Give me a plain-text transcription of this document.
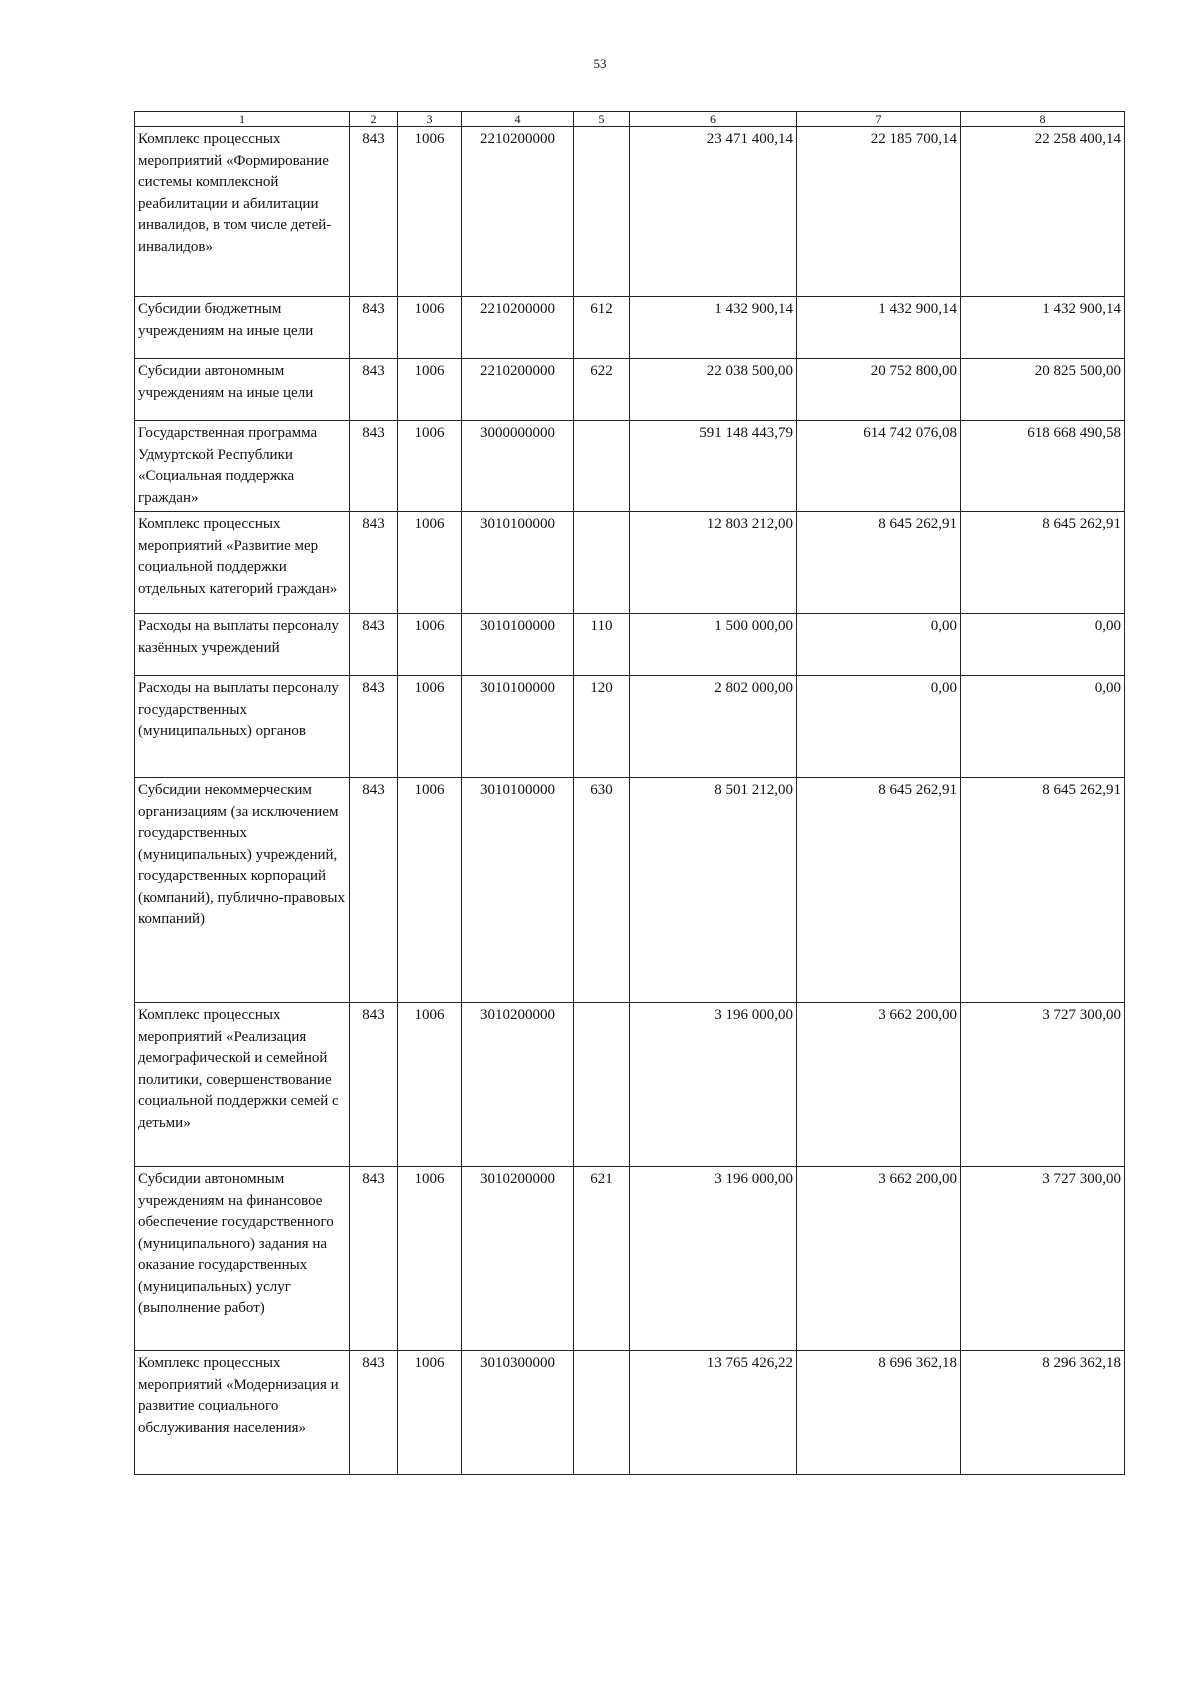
53
1	2	3	4	5	6	7	8
Комплекс процессных мероприятий «Формирование системы комплексной реабилитации и абилитации инвалидов, в том числе детей-инвалидов»	843	1006	2210200000		23 471 400,14	22 185 700,14	22 258 400,14
Субсидии бюджетным учреждениям на иные цели	843	1006	2210200000	612	1 432 900,14	1 432 900,14	1 432 900,14
Субсидии автономным учреждениям на иные цели	843	1006	2210200000	622	22 038 500,00	20 752 800,00	20 825 500,00
Государственная программа Удмуртской Республики «Социальная поддержка граждан»	843	1006	3000000000		591 148 443,79	614 742 076,08	618 668 490,58
Комплекс процессных мероприятий «Развитие мер социальной поддержки отдельных категорий граждан»	843	1006	3010100000		12 803 212,00	8 645 262,91	8 645 262,91
Расходы на выплаты персоналу казённых учреждений	843	1006	3010100000	110	1 500 000,00	0,00	0,00
Расходы на выплаты персоналу государственных (муниципальных) органов	843	1006	3010100000	120	2 802 000,00	0,00	0,00
Субсидии некоммерческим организациям (за исключением государственных (муниципальных) учреждений, государственных корпораций (компаний), публично-правовых компаний)	843	1006	3010100000	630	8 501 212,00	8 645 262,91	8 645 262,91
Комплекс процессных мероприятий «Реализация демографической и семейной политики, совершенствование социальной поддержки семей с детьми»	843	1006	3010200000		3 196 000,00	3 662 200,00	3 727 300,00
Субсидии автономным учреждениям на финансовое обеспечение государственного (муниципального) задания на оказание государственных (муниципальных) услуг (выполнение работ)	843	1006	3010200000	621	3 196 000,00	3 662 200,00	3 727 300,00
Комплекс процессных мероприятий «Модернизация и развитие социального обслуживания населения»	843	1006	3010300000		13 765 426,22	8 696 362,18	8 296 362,18
